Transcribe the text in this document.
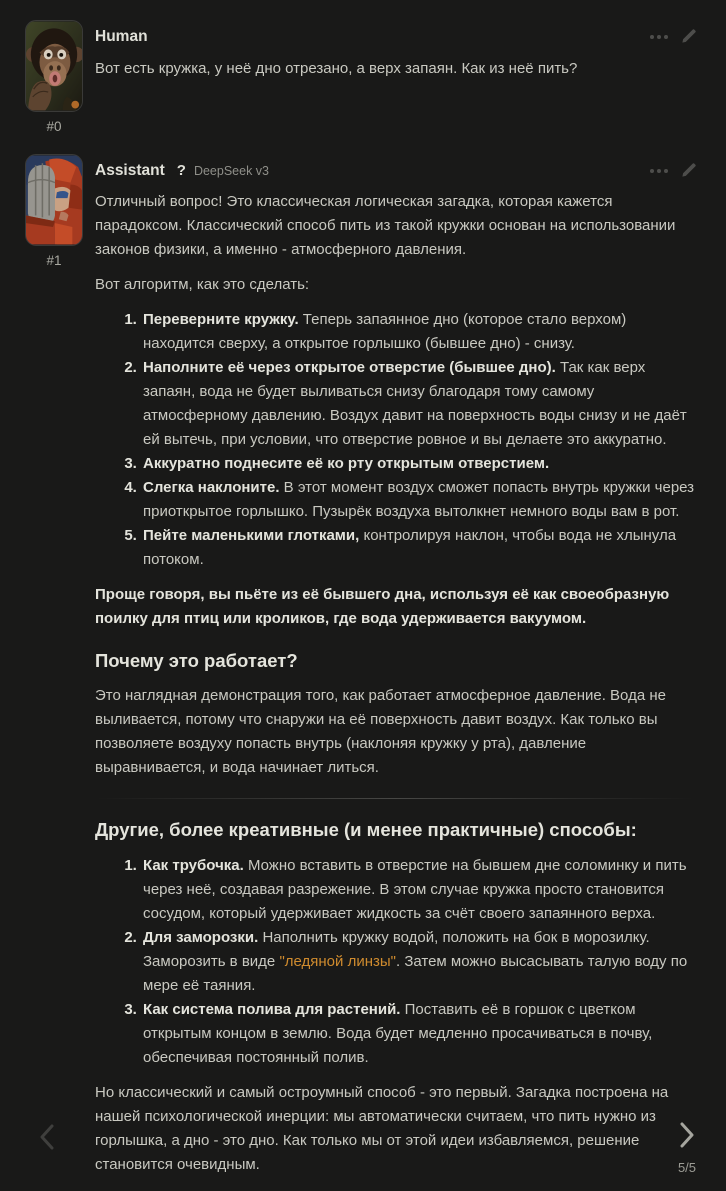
#0
Human

Вот есть кружка, у неё дно отрезано, а верх запаян. Как из неё пить?

#1
Assistant ? DeepSeek v3

Отличный вопрос! Это классическая логическая загадка, которая кажется парадоксом. Классический способ пить из такой кружки основан на использовании законов физики, а именно - атмосферного давления.

Вот алгоритм, как это сделать:

1. Переверните кружку. Теперь запаянное дно (которое стало верхом) находится сверху, а открытое горлышко (бывшее дно) - снизу.
2. Наполните её через открытое отверстие (бывшее дно). Так как верх запаян, вода не будет выливаться снизу благодаря тому самому атмосферному давлению. Воздух давит на поверхность воды снизу и не даёт ей вытечь, при условии, что отверстие ровное и вы делаете это аккуратно.
3. Аккуратно поднесите её ко рту открытым отверстием.
4. Слегка наклоните. В этот момент воздух сможет попасть внутрь кружки через приоткрытое горлышко. Пузырёк воздуха вытолкнет немного воды вам в рот.
5. Пейте маленькими глотками, контролируя наклон, чтобы вода не хлынула потоком.

Проще говоря, вы пьёте из её бывшего дна, используя её как своеобразную поилку для птиц или кроликов, где вода удерживается вакуумом.

Почему это работает?

Это наглядная демонстрация того, как работает атмосферное давление. Вода не выливается, потому что снаружи на её поверхность давит воздух. Как только вы позволяете воздуху попасть внутрь (наклоняя кружку у рта), давление выравнивается, и вода начинает литься.

Другие, более креативные (и менее практичные) способы:
1. Как трубочка. Можно вставить в отверстие на бывшем дне соломинку и пить через неё, создавая разрежение. В этом случае кружка просто становится сосудом, который удерживает жидкость за счёт своего запаянного верха.
2. Для заморозки. Наполнить кружку водой, положить на бок в морозилку. Заморозить в виде "ледяной линзы". Затем можно высасывать талую воду по мере её таяния.
3. Как система полива для растений. Поставить её в горшок с цветком открытым концом в землю. Вода будет медленно просачиваться в почву, обеспечивая постоянный полив.

Но классический и самый остроумный способ - это первый. Загадка построена на нашей психологической инерции: мы автоматически считаем, что пить нужно из горлышка, а дно - это дно. Как только мы от этой идеи избавляемся, решение становится очевидным.	5/5
